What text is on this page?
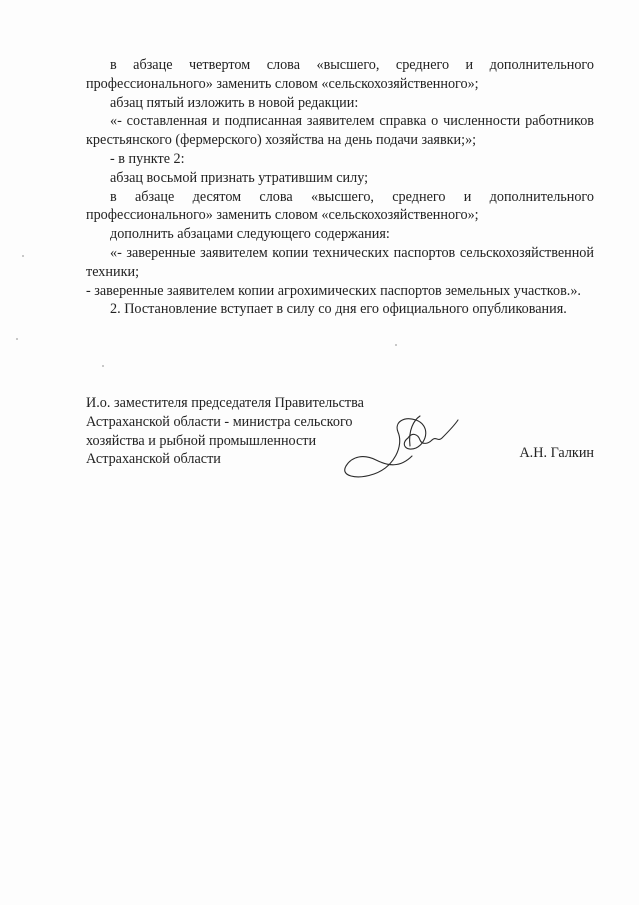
в абзаце четвертом слова «высшего, среднего и дополнительного профессионального» заменить словом «сельскохозяйственного»;

абзац пятый изложить в новой редакции:

«- составленная и подписанная заявителем справка о численности работников крестьянского (фермерского) хозяйства на день подачи заявки;»;

- в пункте 2:

абзац восьмой признать утратившим силу;

в абзаце десятом слова «высшего, среднего и дополнительного профессионального» заменить словом «сельскохозяйственного»;

дополнить абзацами следующего содержания:

«- заверенные заявителем копии технических паспортов сельскохозяйственной техники;

- заверенные заявителем копии агрохимических паспортов земельных участков.».

2. Постановление вступает в силу со дня его официального опубликования.

И.о. заместителя председателя Правительства
Астраханской области - министра сельского
хозяйства и рыбной промышленности
Астраханской области	А.Н. Галкин
